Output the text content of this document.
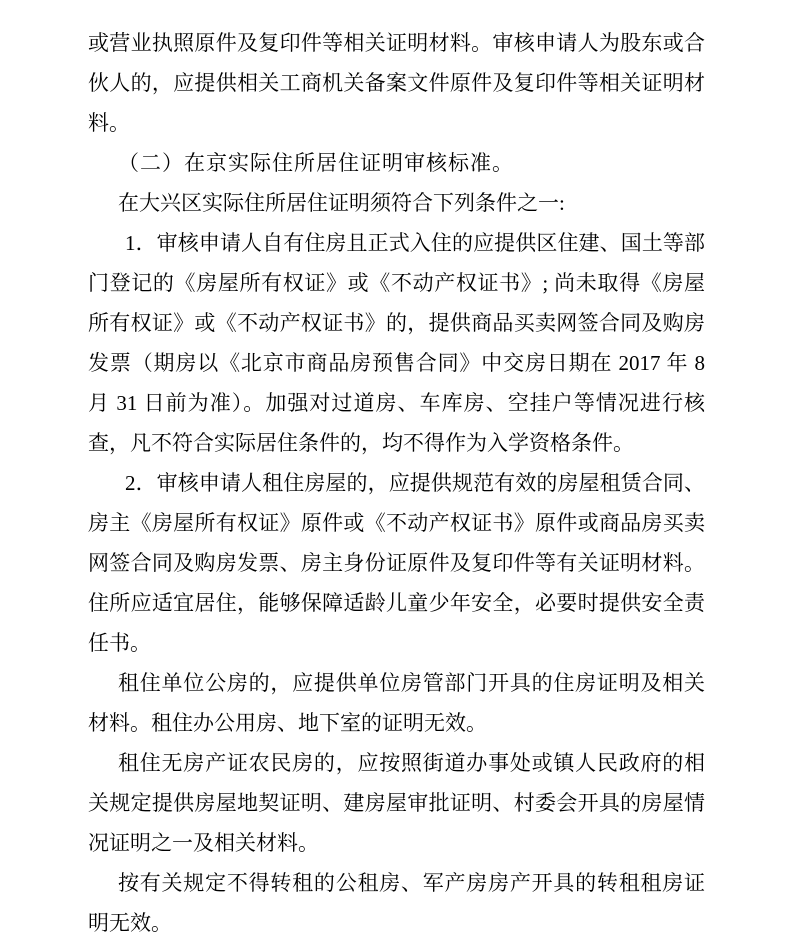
或营业执照原件及复印件等相关证明材料。审核申请人为股东或合伙人的，应提供相关工商机关备案文件原件及复印件等相关证明材料。

（二）在京实际住所居住证明审核标准。

在大兴区实际住所居住证明须符合下列条件之一:

1．审核申请人自有住房且正式入住的应提供区住建、国土等部门登记的《房屋所有权证》或《不动产权证书》; 尚未取得《房屋所有权证》或《不动产权证书》的，提供商品买卖网签合同及购房发票（期房以《北京市商品房预售合同》中交房日期在 2017 年 8 月 31 日前为准）。加强对过道房、车库房、空挂户等情况进行核查，凡不符合实际居住条件的，均不得作为入学资格条件。

2．审核申请人租住房屋的，应提供规范有效的房屋租赁合同、房主《房屋所有权证》原件或《不动产权证书》原件或商品房买卖网签合同及购房发票、房主身份证原件及复印件等有关证明材料。住所应适宜居住，能够保障适龄儿童少年安全，必要时提供安全责任书。

租住单位公房的，应提供单位房管部门开具的住房证明及相关材料。租住办公用房、地下室的证明无效。

租住无房产证农民房的，应按照街道办事处或镇人民政府的相关规定提供房屋地契证明、建房屋审批证明、村委会开具的房屋情况证明之一及相关材料。

按有关规定不得转租的公租房、军产房房产开具的转租租房证明无效。
